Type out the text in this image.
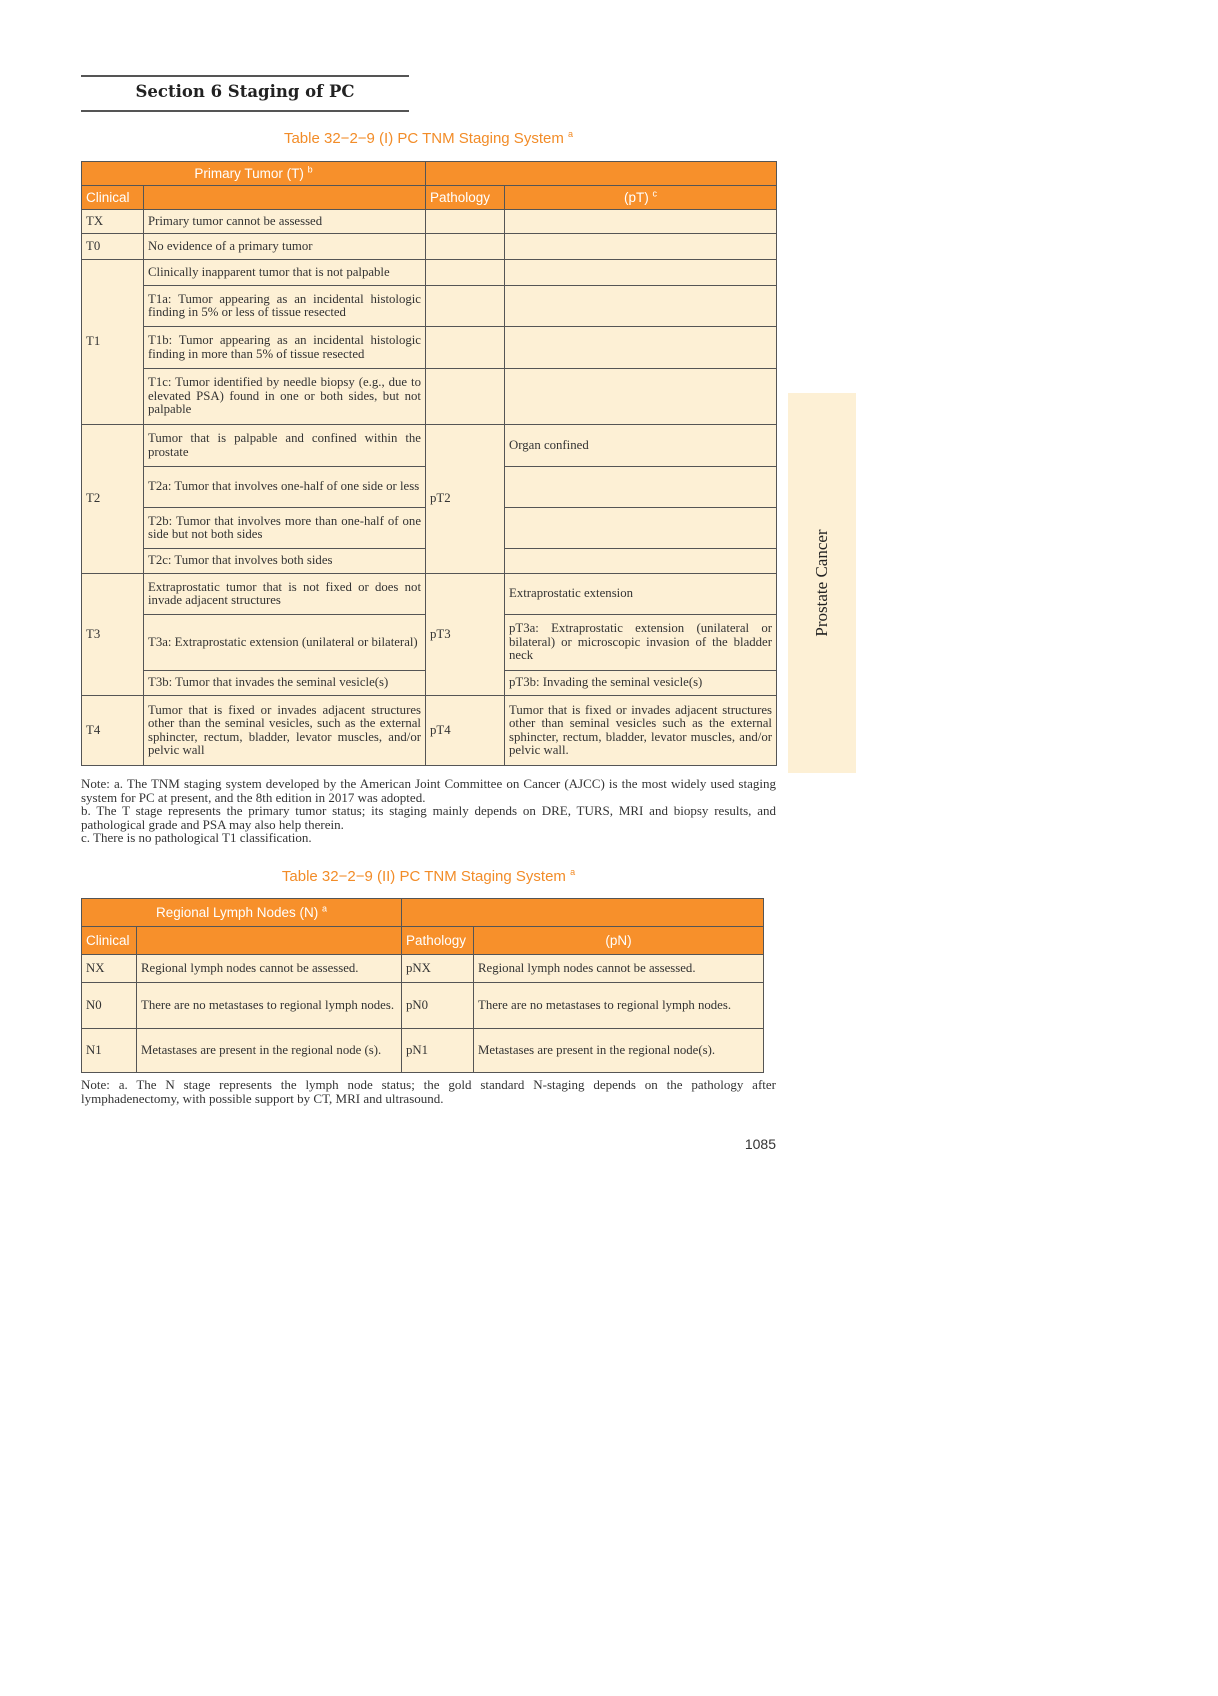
Section 6 Staging of PC
Table 32−2−9 (I) PC TNM Staging System $^a$
Primary Tumor (T) $^b$	
Clinical		Pathology	(pT) $^c$
TX	Primary tumor cannot be assessed		
T0	No evidence of a primary tumor		
T1	Clinically inapparent tumor that is not palpable		
	T1a: Tumor appearing as an incidental histologic finding in 5% or less of tissue resected		
	T1b: Tumor appearing as an incidental histologic finding in more than 5% of tissue resected		
	T1c: Tumor identified by needle biopsy (e.g., due to elevated PSA) found in one or both sides, but not palpable		
T2	Tumor that is palpable and confined within the prostate	pT2	Organ confined
	T2a: Tumor that involves one-half of one side or less		
	T2b: Tumor that involves more than one-half of one side but not both sides		
	T2c: Tumor that involves both sides		
T3	Extraprostatic tumor that is not fixed or does not invade adjacent structures	pT3	Extraprostatic extension
	T3a: Extraprostatic extension (unilateral or bilateral)		pT3a: Extraprostatic extension (unilateral or bilateral) or microscopic invasion of the bladder neck
	T3b: Tumor that invades the seminal vesicle(s)		pT3b: Invading the seminal vesicle(s)
T4	Tumor that is fixed or invades adjacent structures other than the seminal vesicles, such as the external sphincter, rectum, bladder, levator muscles, and/or pelvic wall	pT4	Tumor that is fixed or invades adjacent structures other than seminal vesicles such as the external sphincter, rectum, bladder, levator muscles, and/or pelvic wall.

Note: a. The TNM staging system developed by the American Joint Committee on Cancer (AJCC) is the most widely used staging system for PC at present, and the 8th edition in 2017 was adopted.

b. The T stage represents the primary tumor status; its staging mainly depends on DRE, TURS, MRI and biopsy results, and pathological grade and PSA may also help therein.

c. There is no pathological T1 classification.

Table 32−2−9 (II) PC TNM Staging System $^a$
Regional Lymph Nodes (N) $^a$	
Clinical		Pathology	(pN)
NX	Regional lymph nodes cannot be assessed.	pNX	Regional lymph nodes cannot be assessed.
N0	There are no metastases to regional lymph nodes.	pN0	There are no metastases to regional lymph nodes.
N1	Metastases are present in the regional node (s).	pN1	Metastases are present in the regional node(s).

Note: a. The N stage represents the lymph node status; the gold standard N-staging depends on the pathology after lymphadenectomy, with possible support by CT, MRI and ultrasound.

1085
Prostate Cancer
